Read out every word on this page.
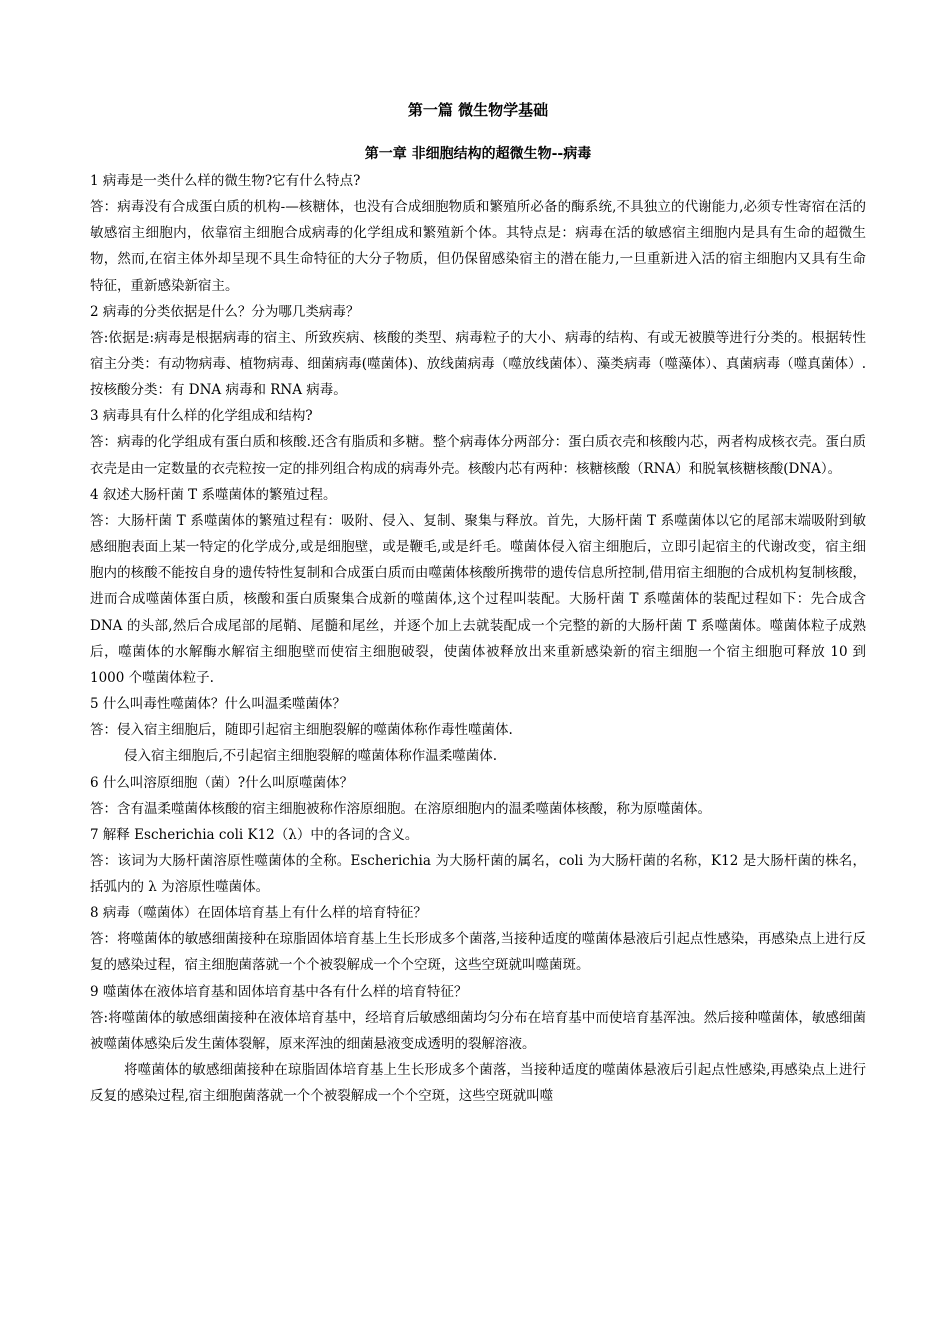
第一篇 微生物学基础
第一章 非细胞结构的超微生物--病毒

1 病毒是一类什么样的微生物?它有什么特点?

答：病毒没有合成蛋白质的机构-—核糖体，也没有合成细胞物质和繁殖所必备的酶系统,不具独立的代谢能力,必须专性寄宿在活的敏感宿主细胞内，依靠宿主细胞合成病毒的化学组成和繁殖新个体。其特点是：病毒在活的敏感宿主细胞内是具有生命的超微生物，然而,在宿主体外却呈现不具生命特征的大分子物质，但仍保留感染宿主的潜在能力,一旦重新进入活的宿主细胞内又具有生命特征，重新感染新宿主。

2 病毒的分类依据是什么？分为哪几类病毒？

答:依据是:病毒是根据病毒的宿主、所致疾病、核酸的类型、病毒粒子的大小、病毒的结构、有或无被膜等进行分类的。根据转性宿主分类：有动物病毒、植物病毒、细菌病毒(噬菌体)、放线菌病毒（噬放线菌体）、藻类病毒（噬藻体）、真菌病毒（噬真菌体）.按核酸分类：有 DNA 病毒和 RNA 病毒。

3 病毒具有什么样的化学组成和结构?

答：病毒的化学组成有蛋白质和核酸.还含有脂质和多糖。整个病毒体分两部分：蛋白质衣壳和核酸内芯，两者构成核衣壳。蛋白质衣壳是由一定数量的衣壳粒按一定的排列组合构成的病毒外壳。核酸内芯有两种：核糖核酸（RNA）和脱氧核糖核酸(DNA）。

4 叙述大肠杆菌 T 系噬菌体的繁殖过程。

答：大肠杆菌 T 系噬菌体的繁殖过程有：吸附、侵入、复制、聚集与释放。首先，大肠杆菌 T 系噬菌体以它的尾部末端吸附到敏感细胞表面上某一特定的化学成分,或是细胞壁，或是鞭毛,或是纤毛。噬菌体侵入宿主细胞后，立即引起宿主的代谢改变，宿主细胞内的核酸不能按自身的遗传特性复制和合成蛋白质而由噬菌体核酸所携带的遗传信息所控制,借用宿主细胞的合成机构复制核酸，进而合成噬菌体蛋白质，核酸和蛋白质聚集合成新的噬菌体,这个过程叫装配。大肠杆菌 T 系噬菌体的装配过程如下：先合成含 DNA 的头部,然后合成尾部的尾鞘、尾髓和尾丝，并逐个加上去就装配成一个完整的新的大肠杆菌 T 系噬菌体。噬菌体粒子成熟后，噬菌体的水解酶水解宿主细胞壁而使宿主细胞破裂，使菌体被释放出来重新感染新的宿主细胞一个宿主细胞可释放 10 到 1000 个噬菌体粒子.

5 什么叫毒性噬菌体？什么叫温柔噬菌体？

答：侵入宿主细胞后，随即引起宿主细胞裂解的噬菌体称作毒性噬菌体.

侵入宿主细胞后,不引起宿主细胞裂解的噬菌体称作温柔噬菌体.

6 什么叫溶原细胞（菌）?什么叫原噬菌体？

答：含有温柔噬菌体核酸的宿主细胞被称作溶原细胞。在溶原细胞内的温柔噬菌体核酸，称为原噬菌体。

7 解释 Escherichia coli K12（λ）中的各词的含义。

答：该词为大肠杆菌溶原性噬菌体的全称。Escherichia 为大肠杆菌的属名，coli 为大肠杆菌的名称，K12 是大肠杆菌的株名，括弧内的 λ 为溶原性噬菌体。

8 病毒（噬菌体）在固体培育基上有什么样的培育特征？

答：将噬菌体的敏感细菌接种在琼脂固体培育基上生长形成多个菌落,当接种适度的噬菌体悬液后引起点性感染，再感染点上进行反复的感染过程，宿主细胞菌落就一个个被裂解成一个个空斑，这些空斑就叫噬菌斑。

9 噬菌体在液体培育基和固体培育基中各有什么样的培育特征？

答:将噬菌体的敏感细菌接种在液体培育基中，经培育后敏感细菌均匀分布在培育基中而使培育基浑浊。然后接种噬菌体，敏感细菌被噬菌体感染后发生菌体裂解，原来浑浊的细菌悬液变成透明的裂解溶液。

将噬菌体的敏感细菌接种在琼脂固体培育基上生长形成多个菌落，当接种适度的噬菌体悬液后引起点性感染,再感染点上进行反复的感染过程,宿主细胞菌落就一个个被裂解成一个个空斑，这些空斑就叫噬
